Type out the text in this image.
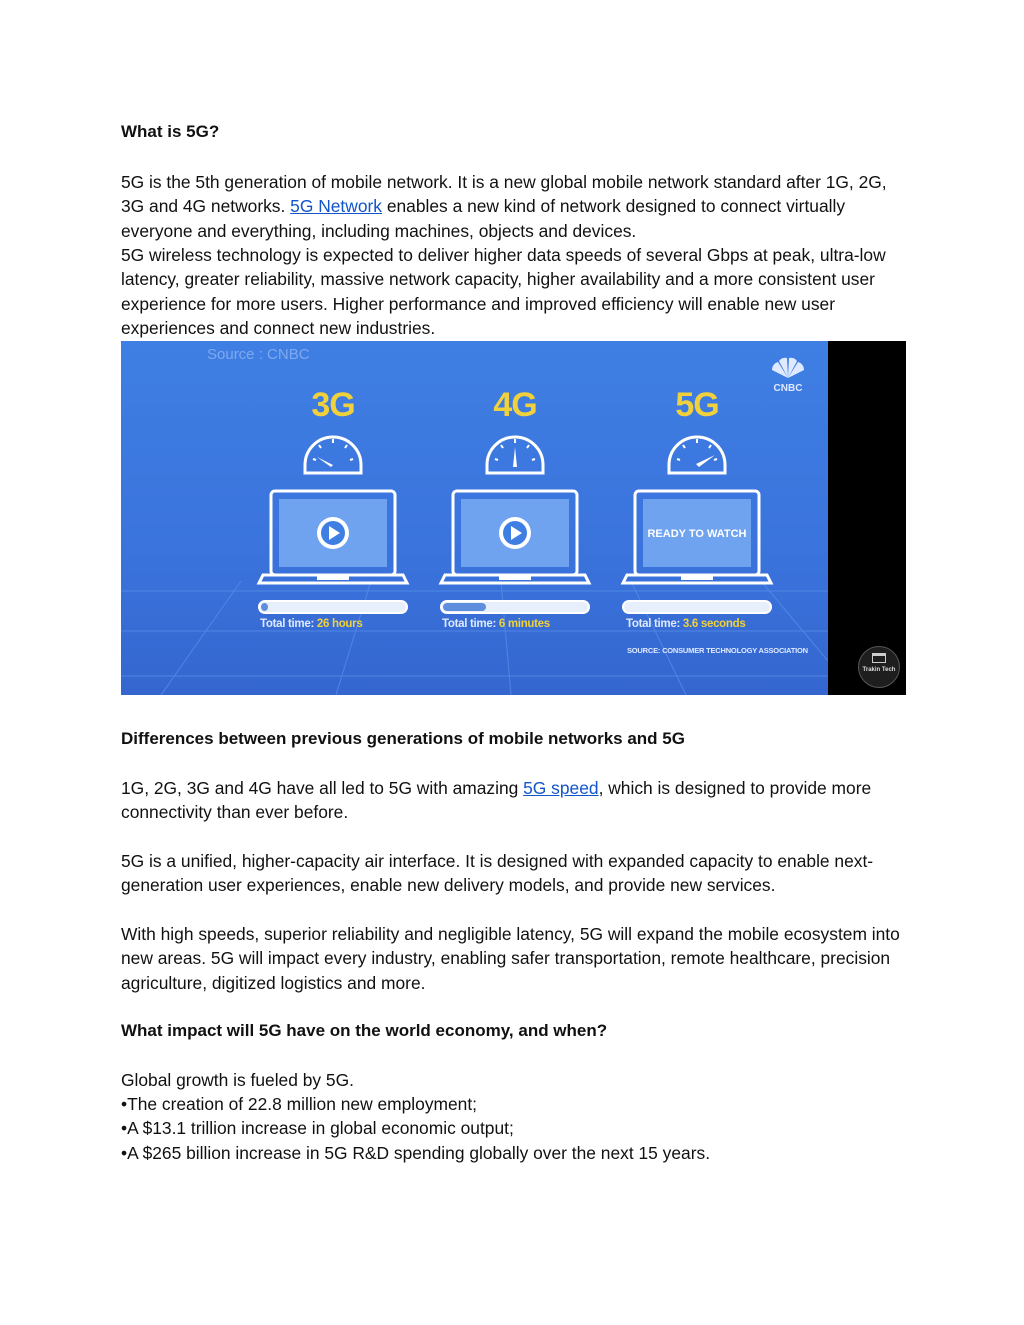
What is 5G?

5G is the 5th generation of mobile network. It is a new global mobile network standard after 1G, 2G, 3G and 4G networks. 5G Network enables a new kind of network designed to connect virtually everyone and everything, including machines, objects and devices.

5G wireless technology is expected to deliver higher data speeds of several Gbps at peak, ultra-low latency, greater reliability, massive network capacity, higher availability and a more consistent user experience for more users. Higher performance and improved efficiency will enable new user experiences and connect new industries.

Differences between previous generations of mobile networks and 5G

1G, 2G, 3G and 4G have all led to 5G with amazing 5G speed, which is designed to provide more connectivity than ever before.

5G is a unified, higher-capacity air interface. It is designed with expanded capacity to enable next-generation user experiences, enable new delivery models, and provide new services.

With high speeds, superior reliability and negligible latency, 5G will expand the mobile ecosystem into new areas. 5G will impact every industry, enabling safer transportation, remote healthcare, precision agriculture, digitized logistics and more.

What impact will 5G have on the world economy, and when?

Global growth is fueled by 5G.

• The creation of 22.8 million new employment;
• A $13.1 trillion increase in global economic output;
• A $265 billion increase in 5G R&D spending globally over the next 15 years.
Source : CNBC
CNBC
3G
Total time: 26 hours
4G
Total time: 6 minutes
5G
READY TO WATCH
Total time: 3.6 seconds
SOURCE: CONSUMER TECHNOLOGY ASSOCIATION
Trakin Tech
